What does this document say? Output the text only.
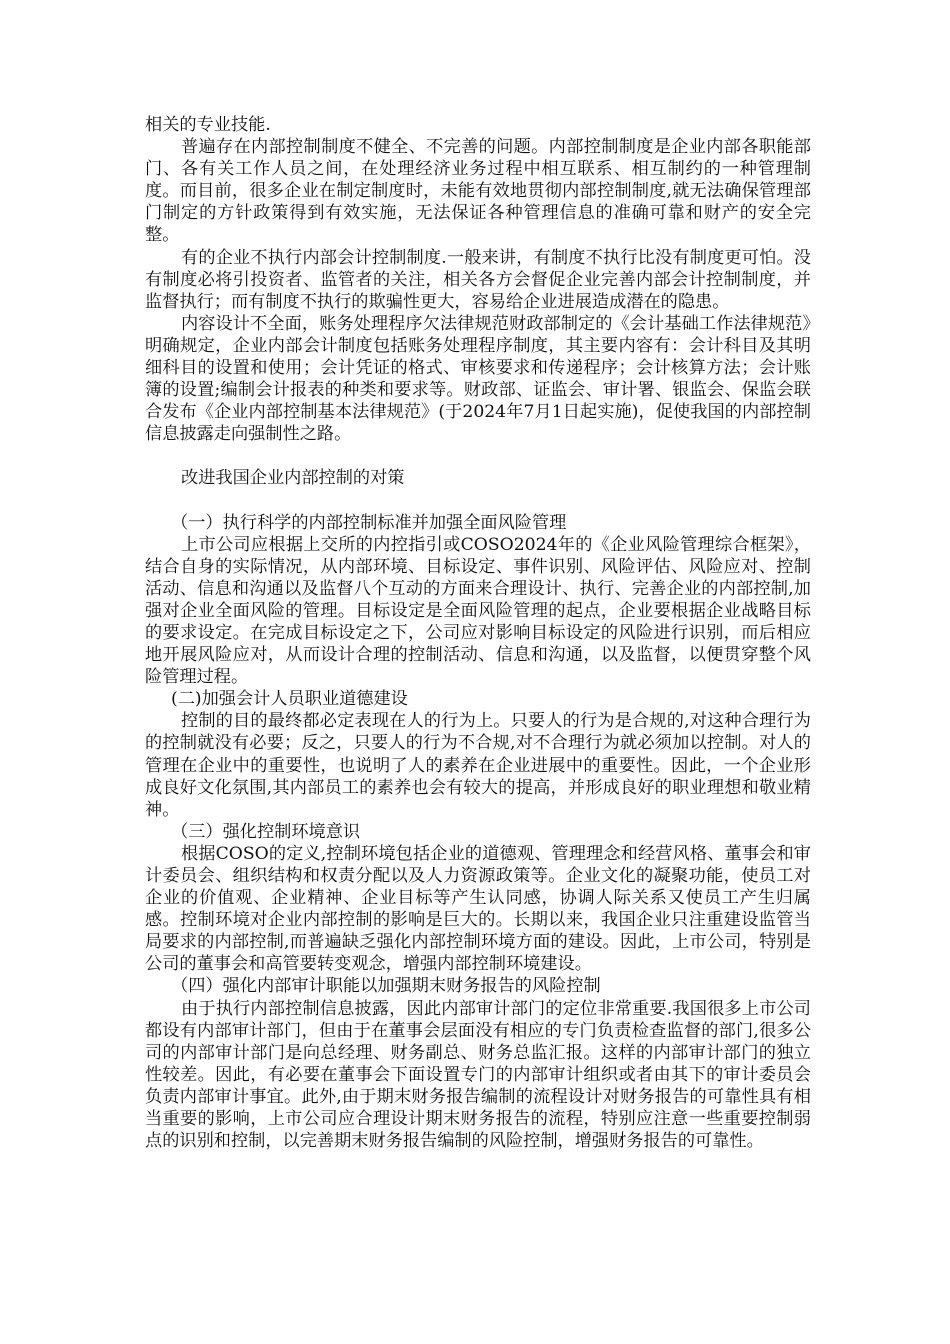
相关的专业技能.

普遍存在内部控制制度不健全、不完善的问题。内部控制制度是企业内部各职能部门、各有关工作人员之间，在处理经济业务过程中相互联系、相互制约的一种管理制度。而目前，很多企业在制定制度时，未能有效地贯彻内部控制制度,就无法确保管理部门制定的方针政策得到有效实施，无法保证各种管理信息的准确可靠和财产的安全完整。

有的企业不执行内部会计控制制度.一般来讲，有制度不执行比没有制度更可怕。没有制度必将引投资者、监管者的关注，相关各方会督促企业完善内部会计控制制度，并监督执行；而有制度不执行的欺骗性更大，容易给企业进展造成潜在的隐患。

内容设计不全面，账务处理程序欠法律规范财政部制定的《会计基础工作法律规范》明确规定，企业内部会计制度包括账务处理程序制度，其主要内容有：会计科目及其明细科目的设置和使用；会计凭证的格式、审核要求和传递程序；会计核算方法；会计账簿的设置;编制会计报表的种类和要求等。财政部、证监会、审计署、银监会、保监会联合发布《企业内部控制基本法律规范》(于2024年7月1日起实施)，促使我国的内部控制信息披露走向强制性之路。

改进我国企业内部控制的对策

（一）执行科学的内部控制标准并加强全面风险管理

上市公司应根据上交所的内控指引或COSO2024年的《企业风险管理综合框架》，结合自身的实际情况，从内部环境、目标设定、事件识别、风险评估、风险应对、控制活动、信息和沟通以及监督八个互动的方面来合理设计、执行、完善企业的内部控制,加强对企业全面风险的管理。目标设定是全面风险管理的起点，企业要根据企业战略目标的要求设定。在完成目标设定之下，公司应对影响目标设定的风险进行识别，而后相应地开展风险应对，从而设计合理的控制活动、信息和沟通，以及监督，以便贯穿整个风险管理过程。

(二)加强会计人员职业道德建设

控制的目的最终都必定表现在人的行为上。只要人的行为是合规的,对这种合理行为的控制就没有必要；反之，只要人的行为不合规,对不合理行为就必须加以控制。对人的管理在企业中的重要性，也说明了人的素养在企业进展中的重要性。因此，一个企业形成良好文化氛围,其内部员工的素养也会有较大的提高，并形成良好的职业理想和敬业精神。

（三）强化控制环境意识

根据COSO的定义,控制环境包括企业的道德观、管理理念和经营风格、董事会和审计委员会、组织结构和权责分配以及人力资源政策等。企业文化的凝聚功能，使员工对企业的价值观、企业精神、企业目标等产生认同感，协调人际关系又使员工产生归属感。控制环境对企业内部控制的影响是巨大的。长期以来，我国企业只注重建设监管当局要求的内部控制,而普遍缺乏强化内部控制环境方面的建设。因此，上市公司，特别是公司的董事会和高管要转变观念，增强内部控制环境建设。

（四）强化内部审计职能以加强期末财务报告的风险控制

由于执行内部控制信息披露，因此内部审计部门的定位非常重要.我国很多上市公司都设有内部审计部门，但由于在董事会层面没有相应的专门负责检查监督的部门,很多公司的内部审计部门是向总经理、财务副总、财务总监汇报。这样的内部审计部门的独立性较差。因此，有必要在董事会下面设置专门的内部审计组织或者由其下的审计委员会负责内部审计事宜。此外,由于期末财务报告编制的流程设计对财务报告的可靠性具有相当重要的影响，上市公司应合理设计期末财务报告的流程，特别应注意一些重要控制弱点的识别和控制，以完善期末财务报告编制的风险控制，增强财务报告的可靠性。
